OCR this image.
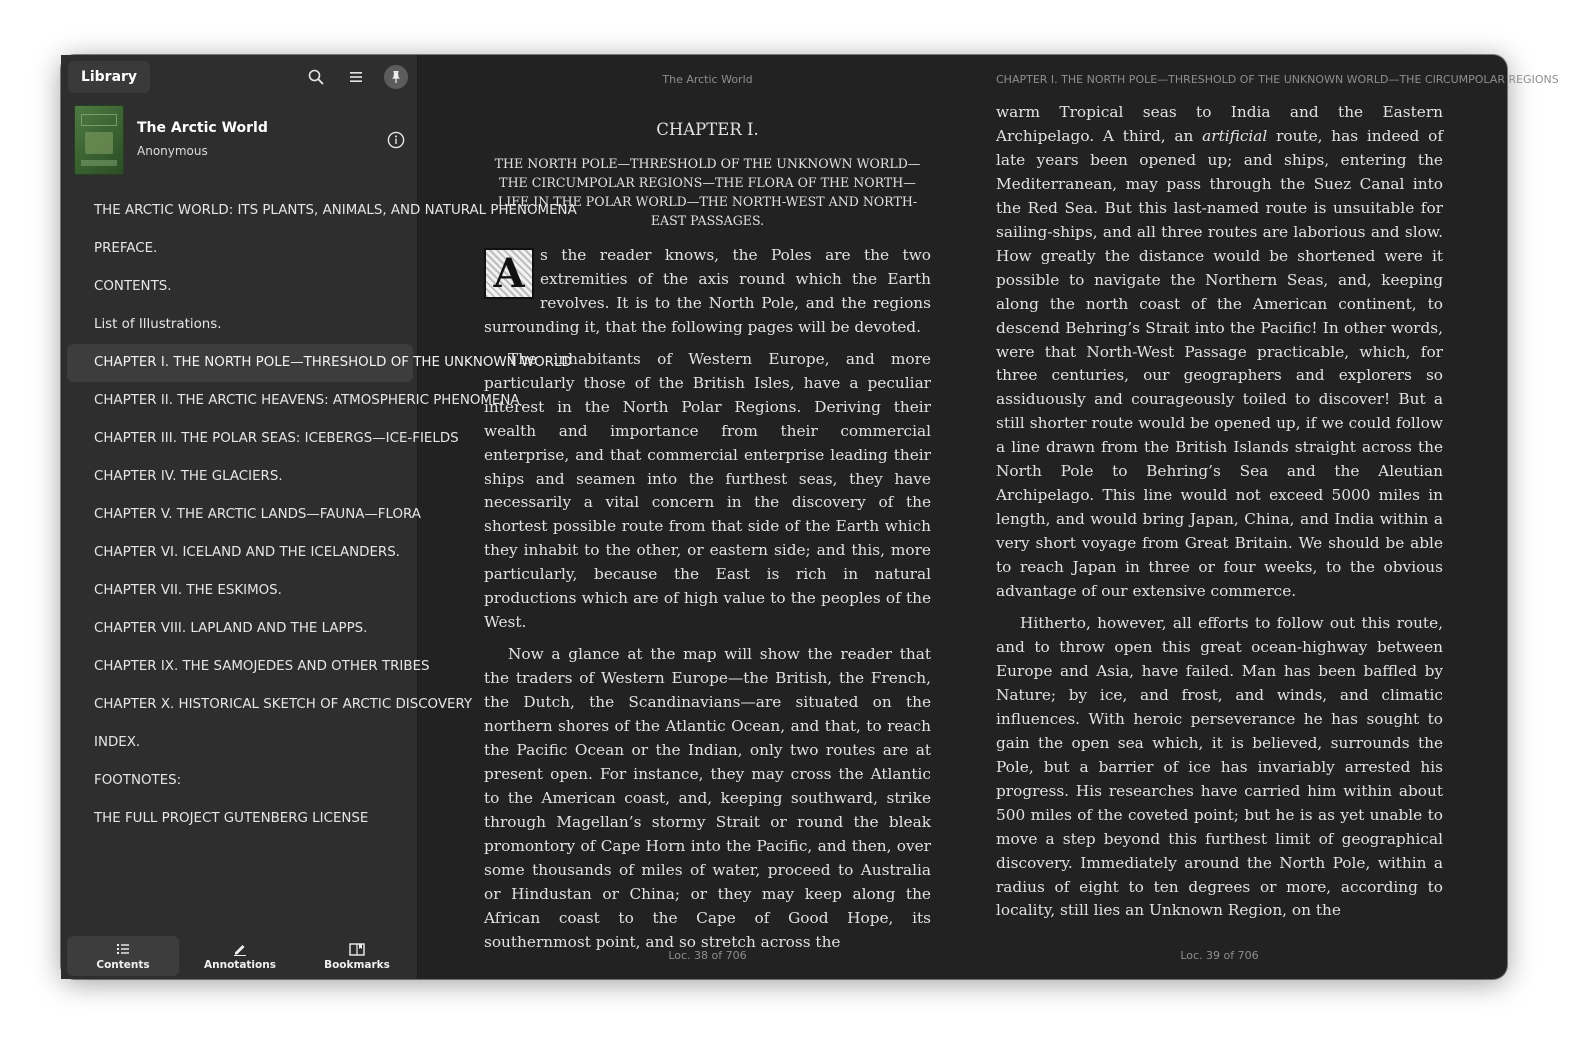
Library
The Arctic World
Anonymous
THE ARCTIC WORLD: ITS PLANTS, ANIMALS, AND NATURAL PHENOMENA
PREFACE.
CONTENTS.
List of Illustrations.
CHAPTER I. THE NORTH POLE—THRESHOLD OF THE UNKNOWN WORLD
CHAPTER II. THE ARCTIC HEAVENS: ATMOSPHERIC PHENOMENA
CHAPTER III. THE POLAR SEAS: ICEBERGS—ICE-FIELDS
CHAPTER IV. THE GLACIERS.
CHAPTER V. THE ARCTIC LANDS—FAUNA—FLORA
CHAPTER VI. ICELAND AND THE ICELANDERS.
CHAPTER VII. THE ESKIMOS.
CHAPTER VIII. LAPLAND AND THE LAPPS.
CHAPTER IX. THE SAMOJEDES AND OTHER TRIBES
CHAPTER X. HISTORICAL SKETCH OF ARCTIC DISCOVERY
INDEX.
FOOTNOTES:
THE FULL PROJECT GUTENBERG LICENSE
Contents	Annotations	Bookmarks
The Arctic World	CHAPTER I. THE NORTH POLE—THRESHOLD OF THE UNKNOWN WORLD—THE CIRCUMPOLAR REGIONS
CHAPTER I.
THE NORTH POLE—THRESHOLD OF THE UNKNOWN WORLD—THE CIRCUMPOLAR REGIONS—THE FLORA OF THE NORTH—LIFE IN THE POLAR WORLD—THE NORTH-WEST AND NORTH-EAST PASSAGES.

A	s the reader knows, the Poles are the two extremities of the axis round which the Earth revolves. It is to the North Pole, and the regions surrounding it, that the following pages will be devoted.

The inhabitants of Western Europe, and more particularly those of the British Isles, have a peculiar interest in the North Polar Regions. Deriving their wealth and importance from their commercial enterprise, and that commercial enterprise leading their ships and seamen into the furthest seas, they have necessarily a vital concern in the discovery of the shortest possible route from that side of the Earth which they inhabit to the other, or eastern side; and this, more particularly, because the East is rich in natural productions which are of high value to the peoples of the West.

Now a glance at the map will show the reader that the traders of Western Europe—the British, the French, the Dutch, the Scandinavians—are situated on the northern shores of the Atlantic Ocean, and that, to reach the Pacific Ocean or the Indian, only two routes are at present open. For instance, they may cross the Atlantic to the American coast, and, keeping southward, strike through Magellan’s stormy Strait or round the bleak promontory of Cape Horn into the Pacific, and then, over some thousands of miles of water, proceed to Australia or Hindustan or China; or they may keep along the African coast to the Cape of Good Hope, its southernmost point, and so stretch across the

warm Tropical seas to India and the Eastern Archipelago. A third, an artificial route, has indeed of late years been opened up; and ships, entering the Mediterranean, may pass through the Suez Canal into the Red Sea. But this last-named route is unsuitable for sailing-ships, and all three routes are laborious and slow. How greatly the distance would be shortened were it possible to navigate the Northern Seas, and, keeping along the north coast of the American continent, to descend Behring’s Strait into the Pacific! In other words, were that North-West Passage practicable, which, for three centuries, our geographers and explorers so assiduously and courageously toiled to discover! But a still shorter route would be opened up, if we could follow a line drawn from the British Islands straight across the North Pole to Behring’s Sea and the Aleutian Archipelago. This line would not exceed 5000 miles in length, and would bring Japan, China, and India within a very short voyage from Great Britain. We should be able to reach Japan in three or four weeks, to the obvious advantage of our extensive commerce.

Hitherto, however, all efforts to follow out this route, and to throw open this great ocean-highway between Europe and Asia, have failed. Man has been baffled by Nature; by ice, and frost, and winds, and climatic influences. With heroic perseverance he has sought to gain the open sea which, it is believed, surrounds the Pole, but a barrier of ice has invariably arrested his progress. His researches have carried him within about 500 miles of the coveted point; but he is as yet unable to move a step beyond this furthest limit of geographical discovery. Immediately around the North Pole, within a radius of eight to ten degrees or more, according to locality, still lies an Unknown Region, on the

Loc. 38 of 706	Loc. 39 of 706
